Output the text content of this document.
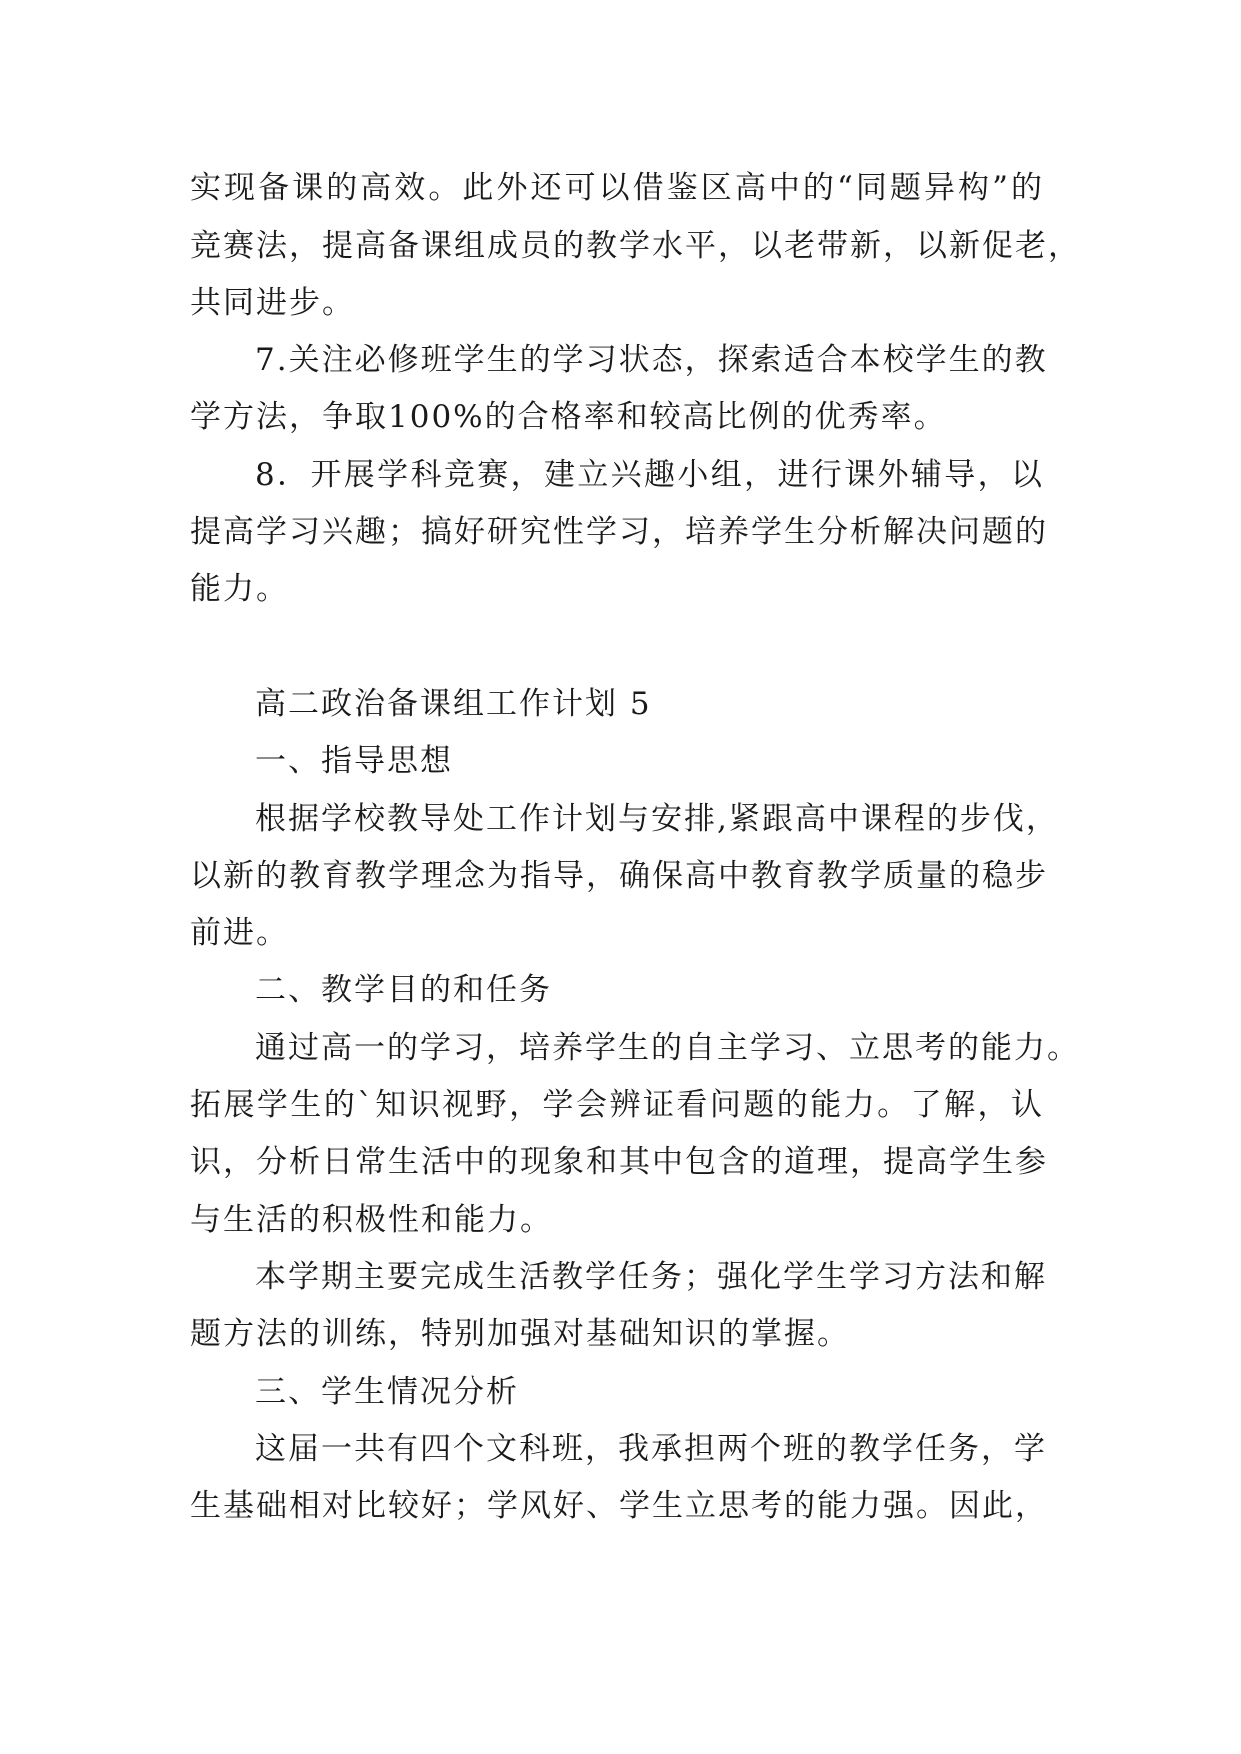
实现备课的高效。此外还可以借鉴区高中的“同题异构”的
竞赛法，提高备课组成员的教学水平，以老带新，以新促老，
共同进步。
7.关注必修班学生的学习状态，探索适合本校学生的教
学方法，争取100%的合格率和较高比例的优秀率。
8．开展学科竞赛，建立兴趣小组，进行课外辅导，以
提高学习兴趣；搞好研究性学习，培养学生分析解决问题的
能力。
高二政治备课组工作计划 5
一、指导思想
根据学校教导处工作计划与安排,紧跟高中课程的步伐，
以新的教育教学理念为指导，确保高中教育教学质量的稳步
前进。
二、教学目的和任务
通过高一的学习，培养学生的自主学习、立思考的能力。
拓展学生的`知识视野，学会辨证看问题的能力。了解，认
识，分析日常生活中的现象和其中包含的道理，提高学生参
与生活的积极性和能力。
本学期主要完成生活教学任务；强化学生学习方法和解
题方法的训练，特别加强对基础知识的掌握。
三、学生情况分析
这届一共有四个文科班，我承担两个班的教学任务，学
生基础相对比较好；学风好、学生立思考的能力强。因此，
